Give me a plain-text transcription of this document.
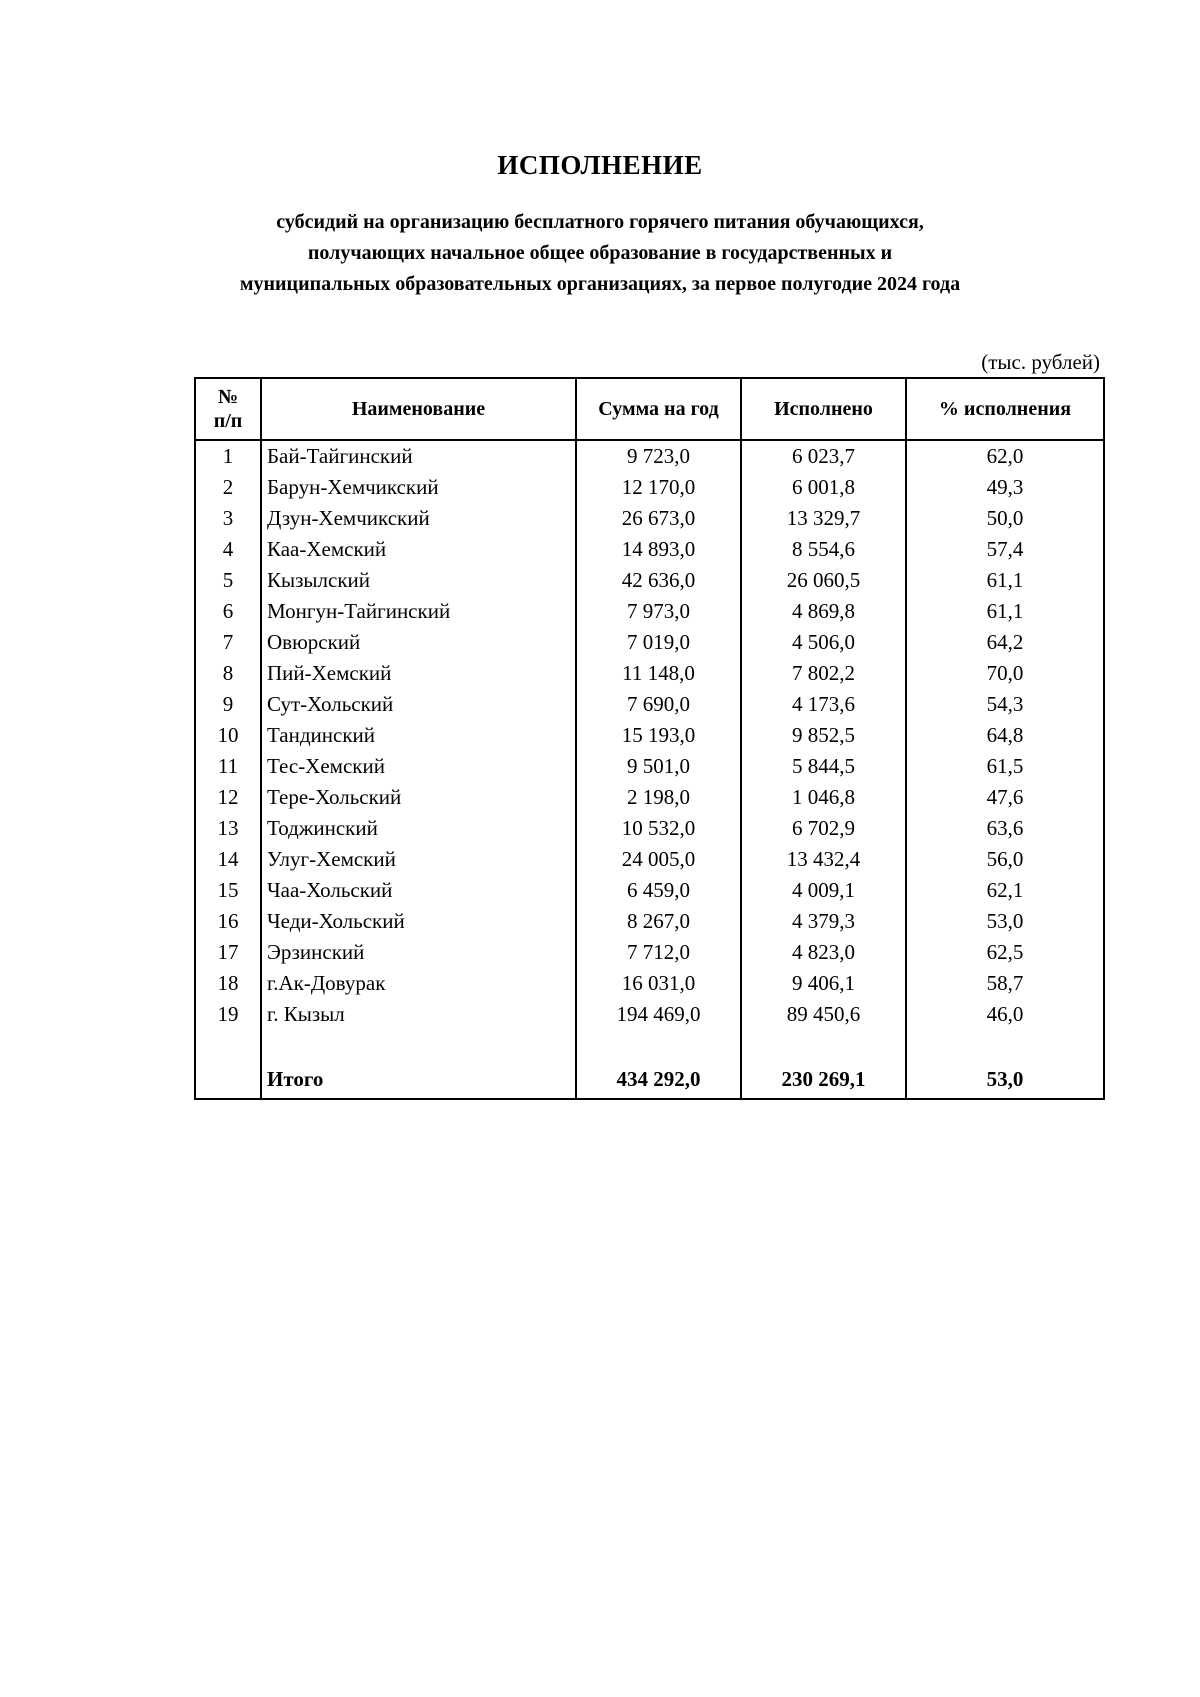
ИСПОЛНЕНИЕ
субсидий на организацию бесплатного горячего питания обучающихся,
получающих начальное общее образование в государственных и
муниципальных образовательных организациях, за первое полугодие 2024 года
(тыс. рублей)
№
п/п	Наименование	Сумма на год	Исполнено	% исполнения
1	Бай-Тайгинский	9 723,0	6 023,7	62,0
2	Барун-Хемчикский	12 170,0	6 001,8	49,3
3	Дзун-Хемчикский	26 673,0	13 329,7	50,0
4	Каа-Хемский	14 893,0	8 554,6	57,4
5	Кызылский	42 636,0	26 060,5	61,1
6	Монгун-Тайгинский	7 973,0	4 869,8	61,1
7	Овюрский	7 019,0	4 506,0	64,2
8	Пий-Хемский	11 148,0	7 802,2	70,0
9	Сут-Хольский	7 690,0	4 173,6	54,3
10	Тандинский	15 193,0	9 852,5	64,8
11	Тес-Хемский	9 501,0	5 844,5	61,5
12	Тере-Хольский	2 198,0	1 046,8	47,6
13	Тоджинский	10 532,0	6 702,9	63,6
14	Улуг-Хемский	24 005,0	13 432,4	56,0
15	Чаа-Хольский	6 459,0	4 009,1	62,1
16	Чеди-Хольский	8 267,0	4 379,3	53,0
17	Эрзинский	7 712,0	4 823,0	62,5
18	г.Ак-Довурак	16 031,0	9 406,1	58,7
19	г. Кызыл	194 469,0	89 450,6	46,0

	Итого	434 292,0	230 269,1	53,0
